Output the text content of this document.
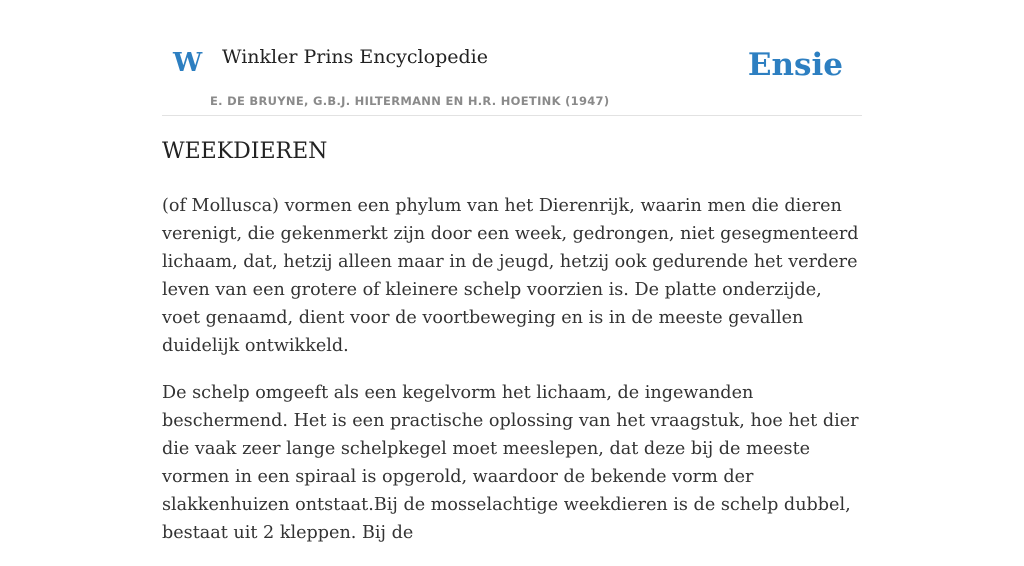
W Winkler Prins Encyclopedie
E. DE BRUYNE, G.B.J. HILTERMANN EN H.R. HOETINK (1947)
Ensie
WEEKDIEREN

(of Mollusca) vormen een phylum van het Dierenrijk, waarin men die dieren verenigt, die gekenmerkt zijn door een week, gedrongen, niet gesegmenteerd lichaam, dat, hetzij alleen maar in de jeugd, hetzij ook gedurende het verdere leven van een grotere of kleinere schelp voorzien is. De platte onderzijde, voet genaamd, dient voor de voortbeweging en is in de meeste gevallen duidelijk ontwikkeld.

De schelp omgeeft als een kegelvorm het lichaam, de ingewanden beschermend. Het is een practische oplossing van het vraagstuk, hoe het dier die vaak zeer lange schelpkegel moet meeslepen, dat deze bij de meeste vormen in een spiraal is opgerold, waardoor de bekende vorm der slakkenhuizen ontstaat.Bij de mosselachtige weekdieren is de schelp dubbel, bestaat uit 2 kleppen. Bij de
